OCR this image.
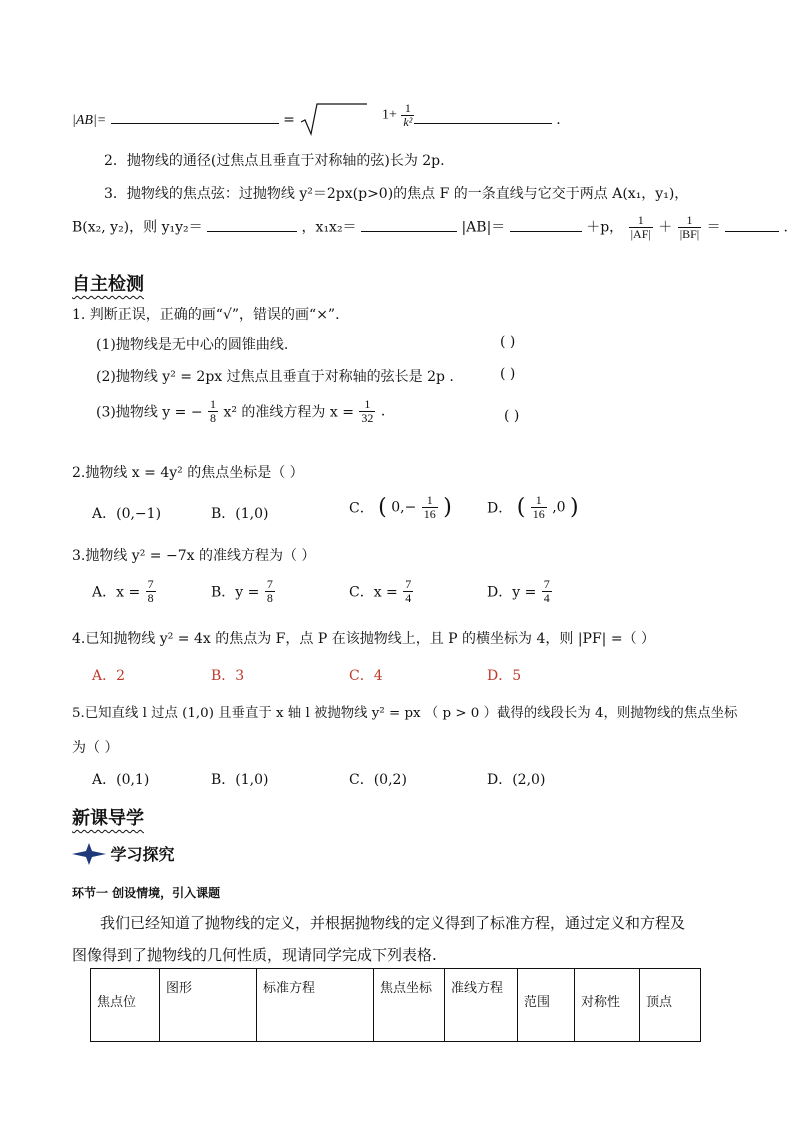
|AB|=	=	$1+ \frac{1}{\text{k²}}$	.
2．抛物线的通径(过焦点且垂直于对称轴的弦)长为 2p.
3．抛物线的焦点弦：过抛物线 y²＝2px(p>0)的焦点 F 的一条直线与它交于两点 A(x₁，y₁)，
B(x₂, y₂)，则 y₁y₂＝	，x₁x₂＝	|AB|＝	＋p， $\frac{1}{|AF|} + \frac{1}{|BF|}$ ＝	.
自主检测
1. 判断正误，正确的画“√”，错误的画“×”.
(1)抛物线是无中心的圆锥曲线.	( )
(2)抛物线 y² = 2px 过焦点且垂直于对称轴的弦长是 2p .	( )
(3)抛物线 y = − $\frac{1}{8} x^2$ 的准线方程为 $x = \frac{1}{32}$ .	( )
2.抛物线 x = 4y² 的焦点坐标是（ ）
A．(0,−1)	B．(1,0)	C． ( $0,- \frac{1}{16}$ )	D． ( $\frac{1}{16} ,0$ )
3.抛物线 y² = −7x 的准线方程为（ ）
A．$x = \frac{7}{8}$	B．$y = \frac{7}{8}$	C．$x = \frac{7}{4}$	D．$y = \frac{7}{4}$
4.已知抛物线 y² = 4x 的焦点为 F，点 P 在该抛物线上，且 P 的横坐标为 4，则 |PF| =（ ）
A．2	B．3	C．4	D．5
5.已知直线 l 过点 (1,0) 且垂直于 x 轴 l 被抛物线 y² = px （ p > 0 ）截得的线段长为 4，则抛物线的焦点坐标
为（ ）
A．(0,1)	B．(1,0)	C．(0,2)	D．(2,0)
新课导学
学习探究
环节一 创设情境，引入课题
我们已经知道了抛物线的定义，并根据抛物线的定义得到了标准方程，通过定义和方程及
图像得到了抛物线的几何性质，现请同学完成下列表格.
焦点位	图形	标准方程	焦点坐标	准线方程	范围	对称性	顶点
